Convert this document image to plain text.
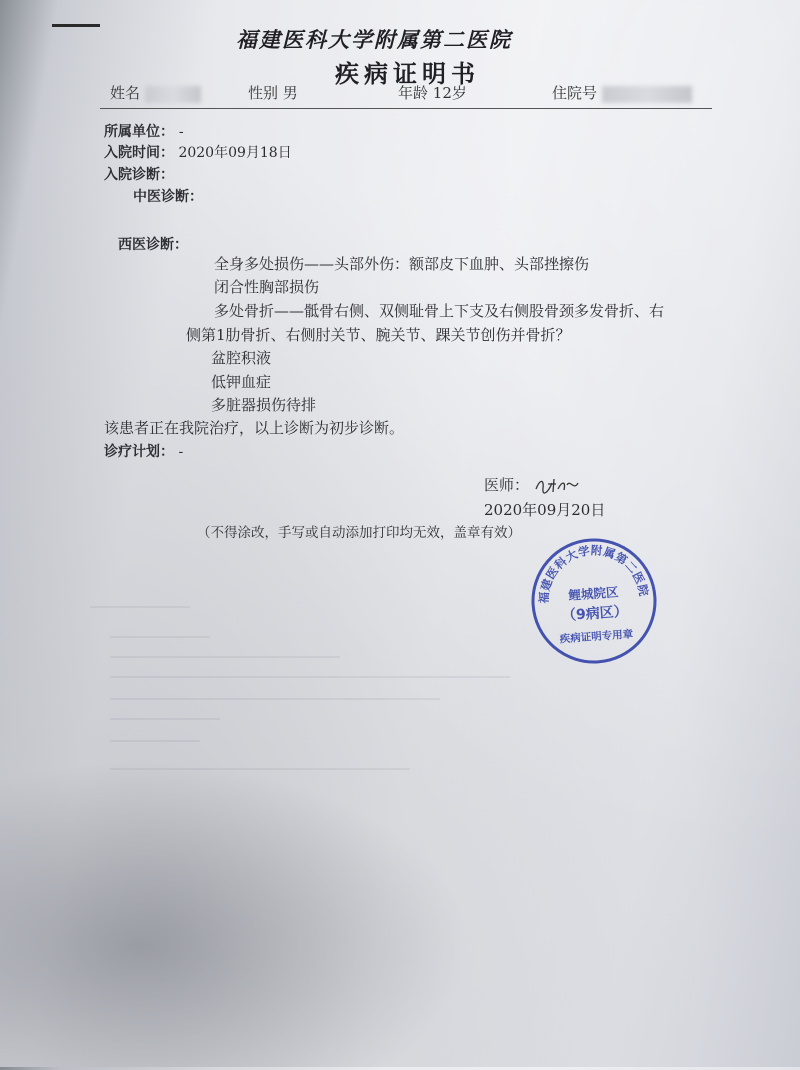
福建医科大学附属第二医院
疾病证明书
姓名	性别 男	年龄 12岁	住院号
所属单位： -
入院时间： 2020年09月18日
入院诊断：
中医诊断：
西医诊断：
全身多处损伤——头部外伤：额部皮下血肿、头部挫擦伤
闭合性胸部损伤
多处骨折——骶骨右侧、双侧耻骨上下支及右侧股骨颈多发骨折、右
侧第1肋骨折、右侧肘关节、腕关节、踝关节创伤并骨折？
盆腔积液
低钾血症
多脏器损伤待排
该患者正在我院治疗，以上诊断为初步诊断。
诊疗计划： -
医师：
2020年09月20日
（不得涂改，手写或自动添加打印均无效，盖章有效）
福建医科大学附属第二医院
鲤城院区
（9病区）
疾病证明专用章
